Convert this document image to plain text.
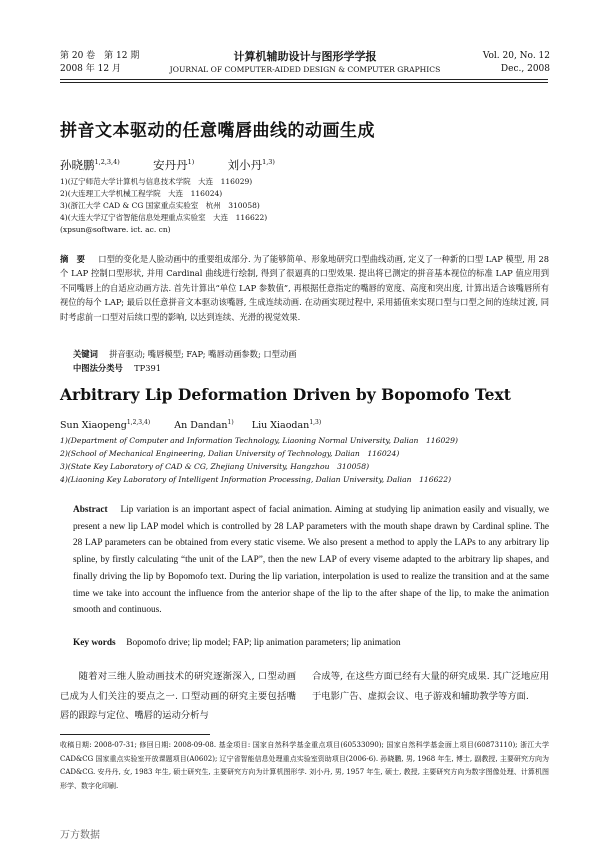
第 20 卷　第 12 期
2008 年 12 月
计算机辅助设计与图形学学报
JOURNAL OF COMPUTER-AIDED DESIGN & COMPUTER GRAPHICS
Vol. 20, No. 12
Dec., 2008
拼音文本驱动的任意嘴唇曲线的动画生成
孙晓鹏$^{1,2,3,4)}$	安丹丹$^{1)}$	刘小丹$^{1,3)}$
1)(辽宁师范大学计算机与信息技术学院　大连　116029)
2)(大连理工大学机械工程学院　大连　116024)
3)(浙江大学 CAD & CG 国家重点实验室　杭州　310058)
4)(大连大学辽宁省智能信息处理重点实验室　大连　116622)
(xpsun@software. ict. ac. cn)
摘　要 口型的变化是人脸动画中的重要组成部分. 为了能够简单、形象地研究口型曲线动画, 定义了一种新的口型 LAP 模型, 用 28 个 LAP 控制口型形状, 并用 Cardinal 曲线进行绘制, 得到了很逼真的口型效果. 提出将已测定的拼音基本视位的标准 LAP 值应用到不同嘴唇上的自适应动画方法. 首先计算出“单位 LAP 参数值”, 再根据任意指定的嘴唇的宽度、高度和突出度, 计算出适合该嘴唇所有视位的每个 LAP; 最后以任意拼音文本驱动该嘴唇, 生成连续动画. 在动画实现过程中, 采用插值来实现口型与口型之间的连续过渡, 同时考虑前一口型对后续口型的影响, 以达到连续、光滑的视觉效果.
关键词 拼音驱动; 嘴唇模型; FAP; 嘴唇动画参数; 口型动画
中图法分类号 TP391
Arbitrary Lip Deformation Driven by Bopomofo Text
Sun Xiaopeng$^{1,2,3,4)}$	An Dandan$^{1)}$ Liu Xiaodan$^{1,3)}$
1)(Department of Computer and Information Technology, Liaoning Normal University, Dalian　116029)
2)(School of Mechanical Engineering, Dalian University of Technology, Dalian　116024)
3)(State Key Laboratory of CAD & CG, Zhejiang University, Hangzhou　310058)
4)(Liaoning Key Laboratory of Intelligent Information Processing, Dalian University, Dalian　116622)
Abstract Lip variation is an important aspect of facial animation. Aiming at studying lip animation easily and visually, we present a new lip LAP model which is controlled by 28 LAP parameters with the mouth shape drawn by Cardinal spline. The 28 LAP parameters can be obtained from every static viseme. We also present a method to apply the LAPs to any arbitrary lip spline, by firstly calculating “the unit of the LAP”, then the new LAP of every viseme adapted to the arbitrary lip shapes, and finally driving the lip by Bopomofo text. During the lip variation, interpolation is used to realize the transition and at the same time we take into account the influence from the anterior shape of the lip to the after shape of the lip, to make the animation smooth and continuous.
Key words Bopomofo drive; lip model; FAP; lip animation parameters; lip animation
随着对三维人脸动画技术的研究逐渐深入, 口型动画已成为人们关注的要点之一. 口型动画的研究主要包括嘴唇的跟踪与定位、嘴唇的运动分析与
合成等, 在这些方面已经有大量的研究成果. 其广泛地应用于电影广告、虚拟会议、电子游戏和辅助教学等方面.
收稿日期: 2008-07-31; 修回日期: 2008-09-08. 基金项目: 国家自然科学基金重点项目(60533090); 国家自然科学基金面上项目(60873110); 浙江大学 CAD&CG 国家重点实验室开放课题项目(A0602); 辽宁省智能信息处理重点实验室资助项目(2006-6). 孙晓鹏, 男, 1968 年生, 博士, 副教授, 主要研究方向为 CAD&CG. 安丹丹, 女, 1983 年生, 硕士研究生, 主要研究方向为计算机图形学. 刘小丹, 男, 1957 年生, 硕士, 教授, 主要研究方向为数字图像处理、计算机图形学、数字化印刷.
万方数据
